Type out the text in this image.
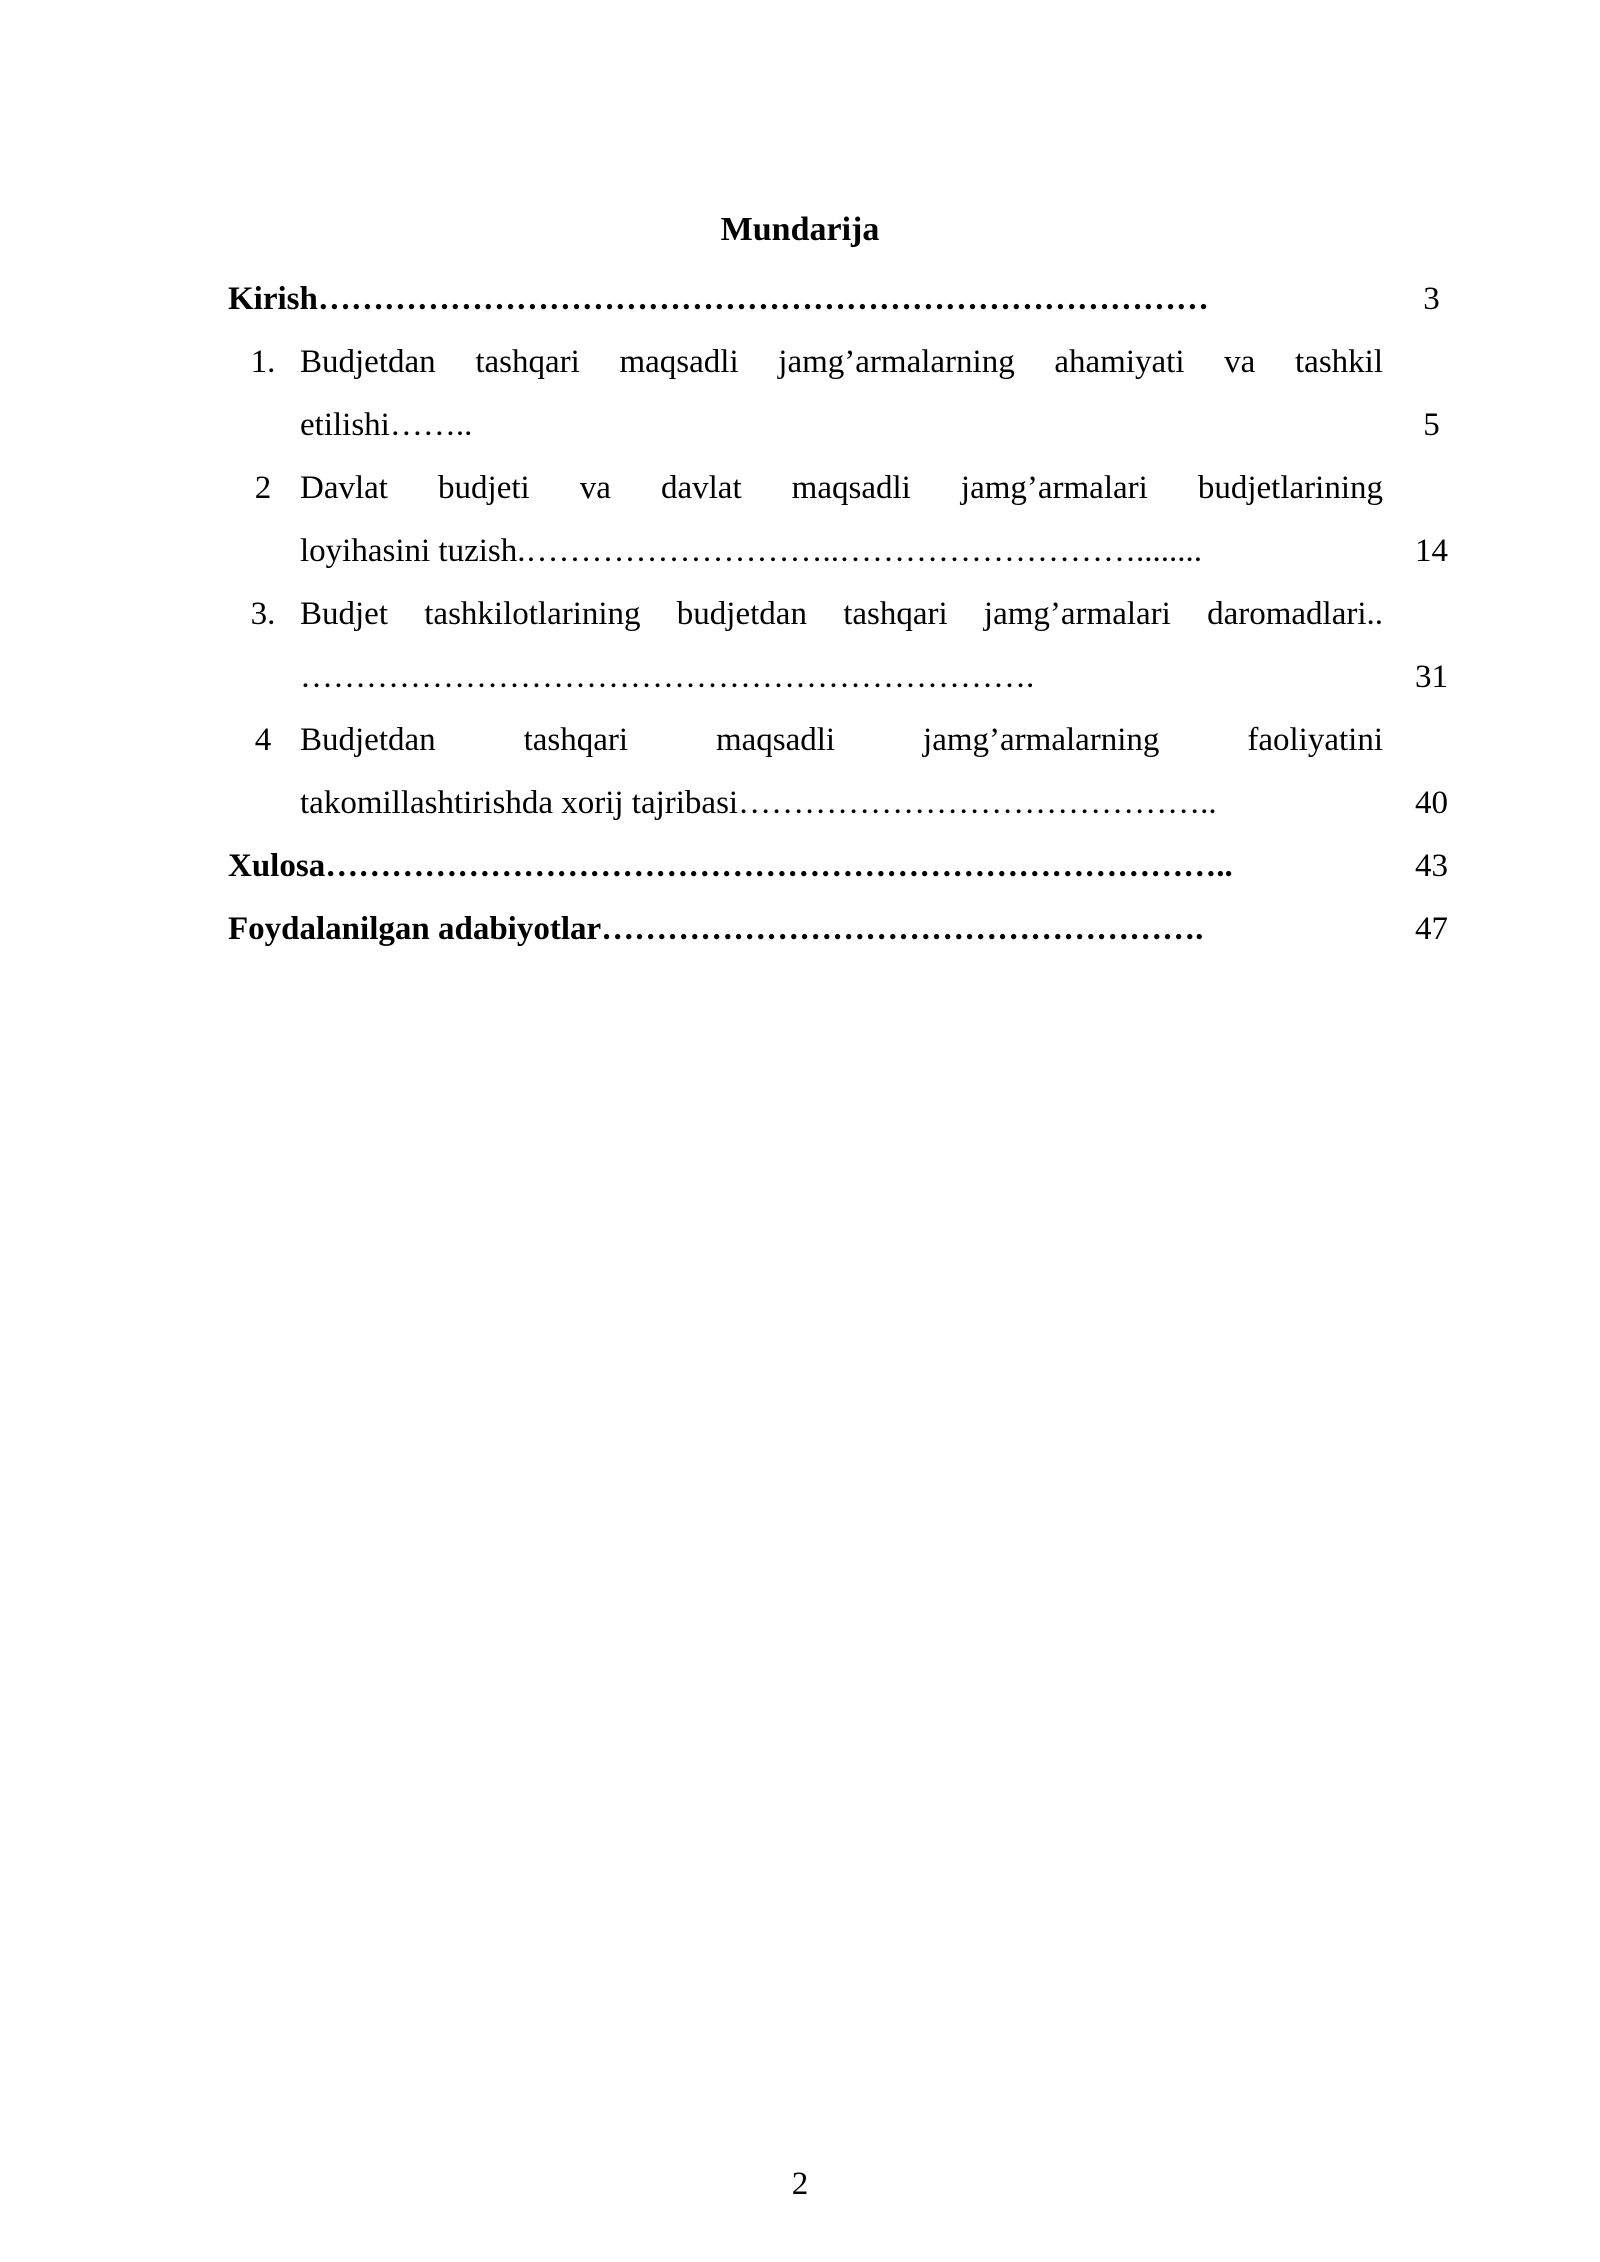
Mundarija
Kirish………………………………………………………………………	3
1. Budjetdan tashqari maqsadli jamg’armalarning ahamiyati va tashkil
etilishi……..	5
2 Davlat budjeti va davlat maqsadli jamg’armalari budjetlarining
loyihasini tuzish.………………………..………………………........	14
3. Budjet tashkilotlarining budjetdan tashqari jamg’armalari daromadlari..
………………………………………………………….	31
4 Budjetdan tashqari maqsadli jamg’armalarning faoliyatini
takomillashtirishda xorij tajribasi……………………………………..	40
Xulosa………………………………………………………………………..	43
Foydalanilgan adabiyotlar……………………………………………….	47
2
